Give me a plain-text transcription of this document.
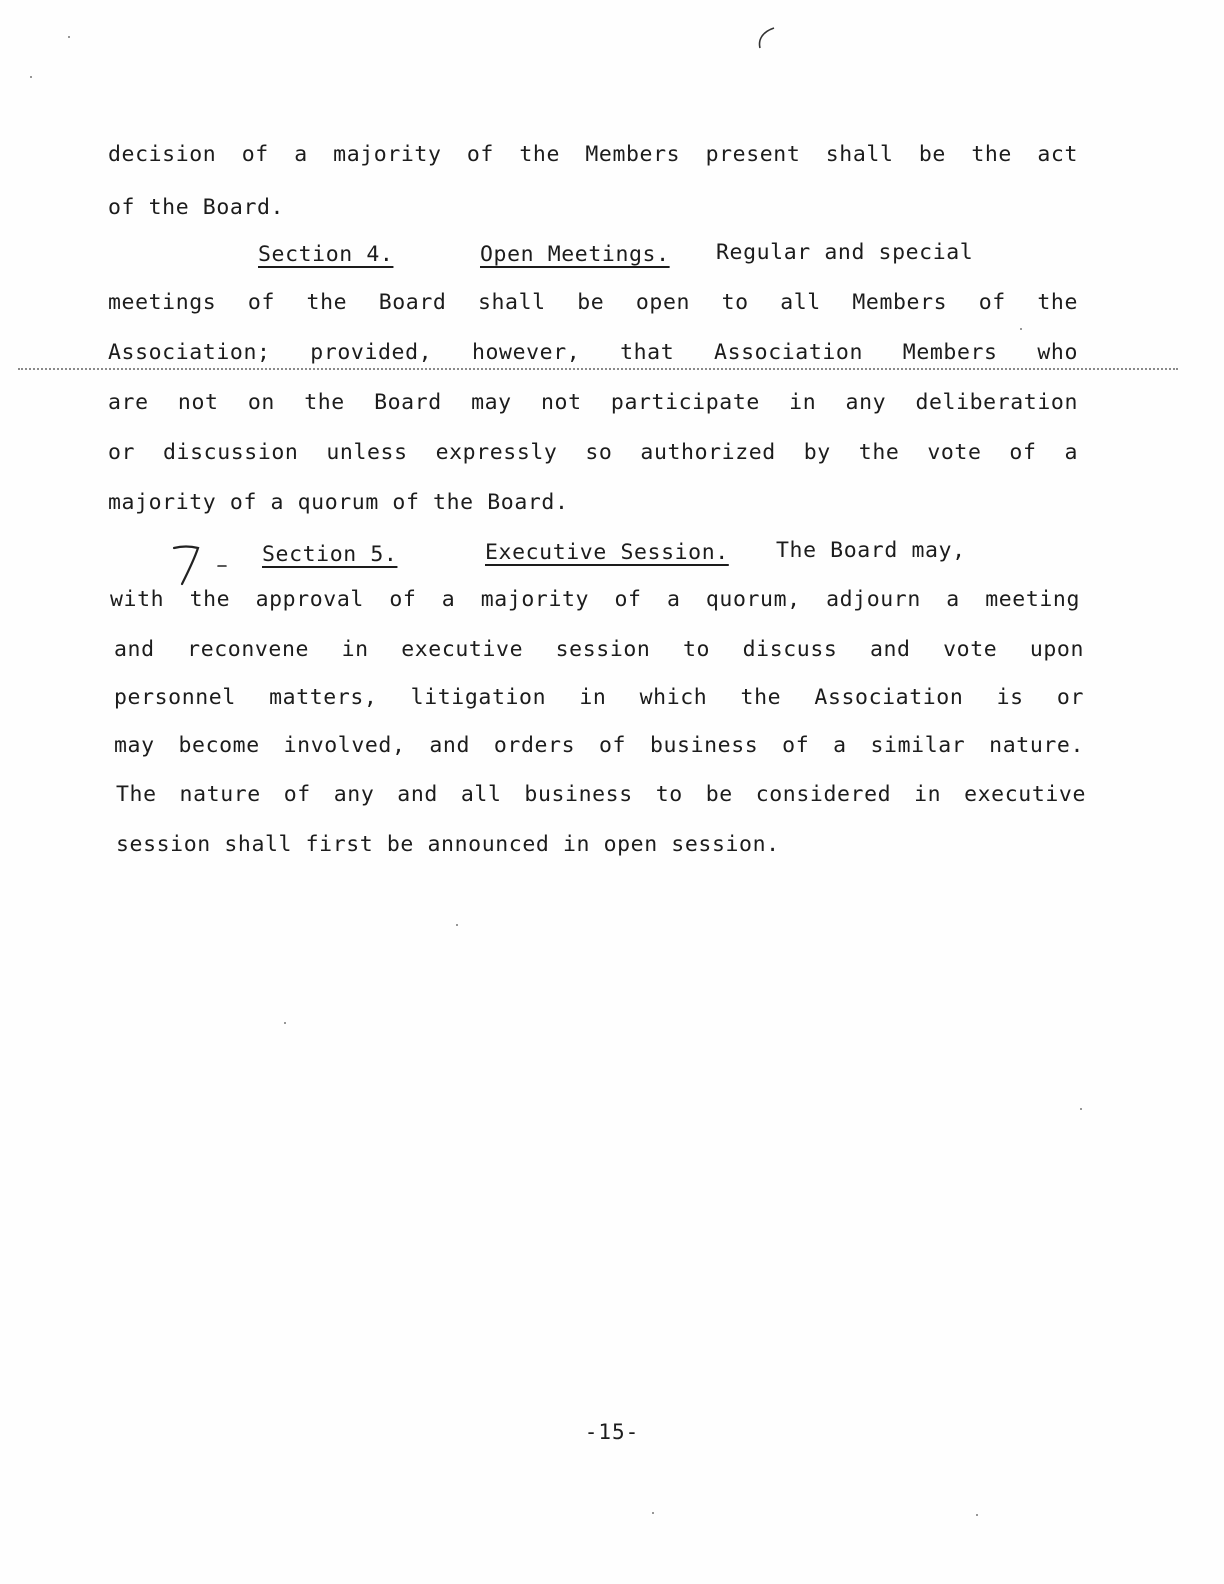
decision of a majority of the Members present shall be the act
of the Board.
Section 4.	Open Meetings. Regular and special
meetings of the Board shall be open to all Members of the
Association; provided, however, that Association Members who
are not on the Board may not participate in any deliberation
or discussion unless expressly so authorized by the vote of a
majority of a quorum of the Board.
Section 5.	Executive Session. The Board may,
with the approval of a majority of a quorum, adjourn a meeting
and reconvene in executive session to discuss and vote upon
personnel matters, litigation in which the Association is or
may become involved, and orders of business of a similar nature.
The nature of any and all business to be considered in executive
session shall first be announced in open session.
-15-
